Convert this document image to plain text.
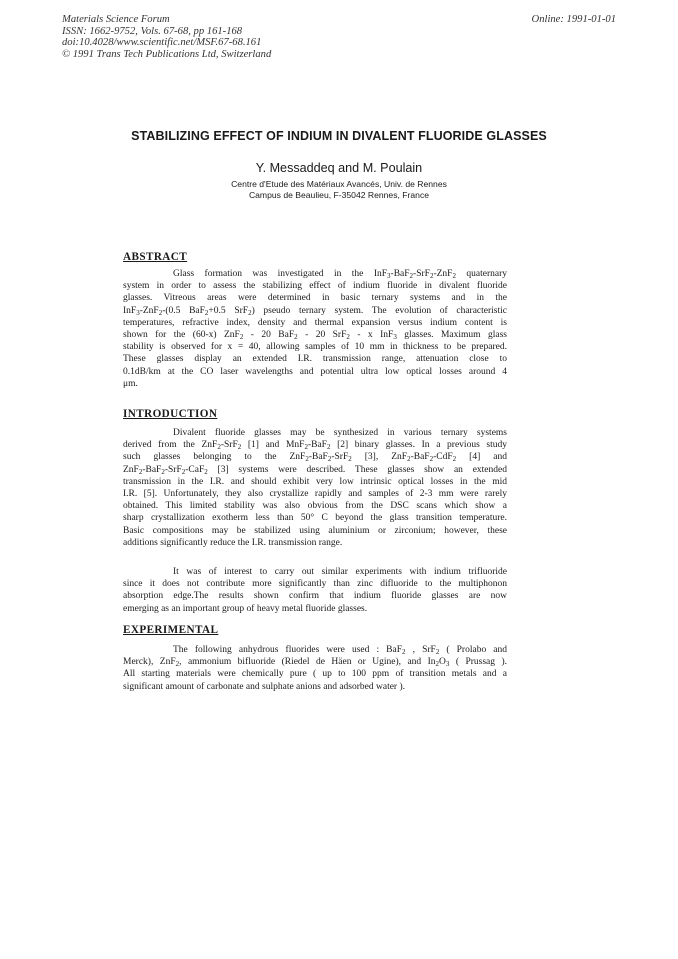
Materials Science Forum
ISSN: 1662-9752, Vols. 67-68, pp 161-168
doi:10.4028/www.scientific.net/MSF.67-68.161
© 1991 Trans Tech Publications Ltd, Switzerland
Online: 1991-01-01
STABILIZING EFFECT OF INDIUM IN DIVALENT FLUORIDE GLASSES
Y. Messaddeq and M. Poulain
Centre d'Etude des Matériaux Avancés, Univ. de Rennes
Campus de Beaulieu, F-35042 Rennes, France
ABSTRACT
Glass formation was investigated in the InF$_3$-BaF$_2$-SrF$_2$-ZnF$_2$ quaternary
system in order to assess the stabilizing effect of indium fluoride in divalent fluoride
glasses. Vitreous areas were determined in basic ternary systems and in the
InF$_3$-ZnF$_2$-(0.5 BaF$_2$+0.5 SrF$_2$) pseudo ternary system. The evolution of characteristic
temperatures, refractive index, density and thermal expansion versus indium content is
shown for the (60-x) ZnF$_2$ - 20 BaF$_2$ - 20 SrF$_2$ - x InF$_3$ glasses. Maximum glass
stability is observed for x = 40, allowing samples of 10 mm in thickness to be prepared.
These glasses display an extended I.R. transmission range, attenuation close to
0.1dB/km at the CO laser wavelengths and potential ultra low optical losses around 4
μm.
INTRODUCTION
Divalent fluoride glasses may be synthesized in various ternary systems
derived from the ZnF$_2$-SrF$_2$ [1] and MnF$_2$-BaF$_2$ [2] binary glasses. In a previous study
such glasses belonging to the ZnF$_2$-BaF$_2$-SrF$_2$ [3], ZnF$_2$-BaF$_2$-CdF$_2$ [4] and
ZnF$_2$-BaF$_2$-SrF$_2$-CaF$_2$ [3] systems were described. These glasses show an extended
transmission in the I.R. and should exhibit very low intrinsic optical losses in the mid
I.R. [5]. Unfortunately, they also crystallize rapidly and samples of 2-3 mm were rarely
obtained. This limited stability was also obvious from the DSC scans which show a
sharp crystallization exotherm less than 50° C beyond the glass transition temperature.
Basic compositions may be stabilized using aluminium or zirconium; however, these
additions significantly reduce the I.R. transmission range.
It was of interest to carry out similar experiments with indium trifluoride
since it does not contribute more significantly than zinc difluoride to the multiphonon
absorption edge.The results shown confirm that indium fluoride glasses are now
emerging as an important group of heavy metal fluoride glasses.
EXPERIMENTAL
The following anhydrous fluorides were used : BaF$_2$ , SrF$_2$ ( Prolabo and
Merck), ZnF$_2$, ammonium bifluoride (Riedel de Häen or Ugine), and $In_2O_3$ ( Prussag ).
All starting materials were chemically pure ( up to 100 ppm of transition metals and a
significant amount of carbonate and sulphate anions and adsorbed water ).
